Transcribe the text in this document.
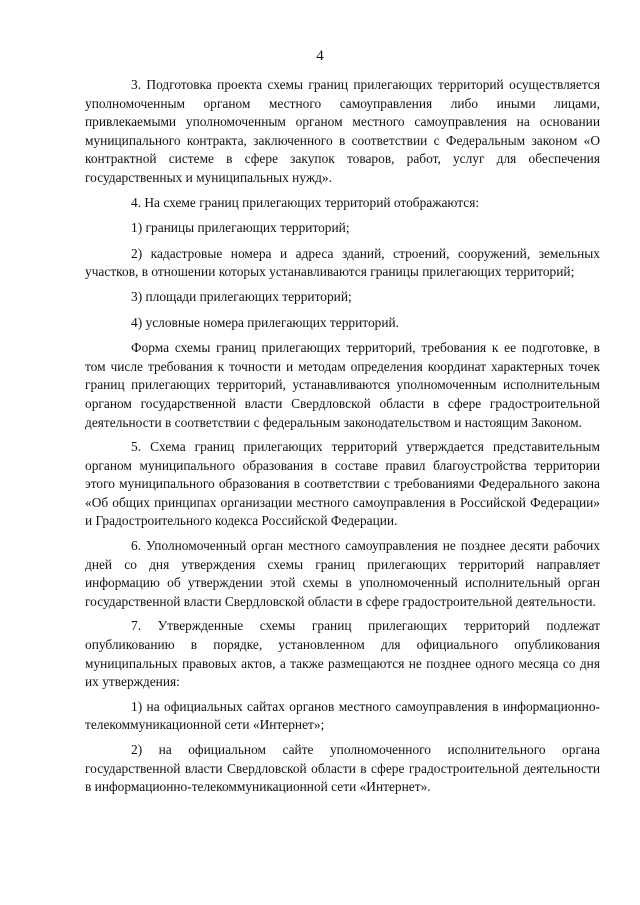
4

3. Подготовка проекта схемы границ прилегающих территорий осуществляется уполномоченным органом местного самоуправления либо иными лицами, привлекаемыми уполномоченным органом местного самоуправления на основании муниципального контракта, заключенного в соответствии с Федеральным законом «О контрактной системе в сфере закупок товаров, работ, услуг для обеспечения государственных и муниципальных нужд».

4. На схеме границ прилегающих территорий отображаются:

1) границы прилегающих территорий;

2) кадастровые номера и адреса зданий, строений, сооружений, земельных участков, в отношении которых устанавливаются границы прилегающих территорий;

3) площади прилегающих территорий;

4) условные номера прилегающих территорий.

Форма схемы границ прилегающих территорий, требования к ее подготовке, в том числе требования к точности и методам определения координат характерных точек границ прилегающих территорий, устанавливаются уполномоченным исполнительным органом государственной власти Свердловской области в сфере градостроительной деятельности в соответствии с федеральным законодательством и настоящим Законом.

5. Схема границ прилегающих территорий утверждается представительным органом муниципального образования в составе правил благоустройства территории этого муниципального образования в соответствии с требованиями Федерального закона «Об общих принципах организации местного самоуправления в Российской Федерации» и Градостроительного кодекса Российской Федерации.

6. Уполномоченный орган местного самоуправления не позднее десяти рабочих дней со дня утверждения схемы границ прилегающих территорий направляет информацию об утверждении этой схемы в уполномоченный исполнительный орган государственной власти Свердловской области в сфере градостроительной деятельности.

7. Утвержденные схемы границ прилегающих территорий подлежат опубликованию в порядке, установленном для официального опубликования муниципальных правовых актов, а также размещаются не позднее одного месяца со дня их утверждения:

1) на официальных сайтах органов местного самоуправления в информационно-телекоммуникационной сети «Интернет»;

2) на официальном сайте уполномоченного исполнительного органа государственной власти Свердловской области в сфере градостроительной деятельности в информационно-телекоммуникационной сети «Интернет».
